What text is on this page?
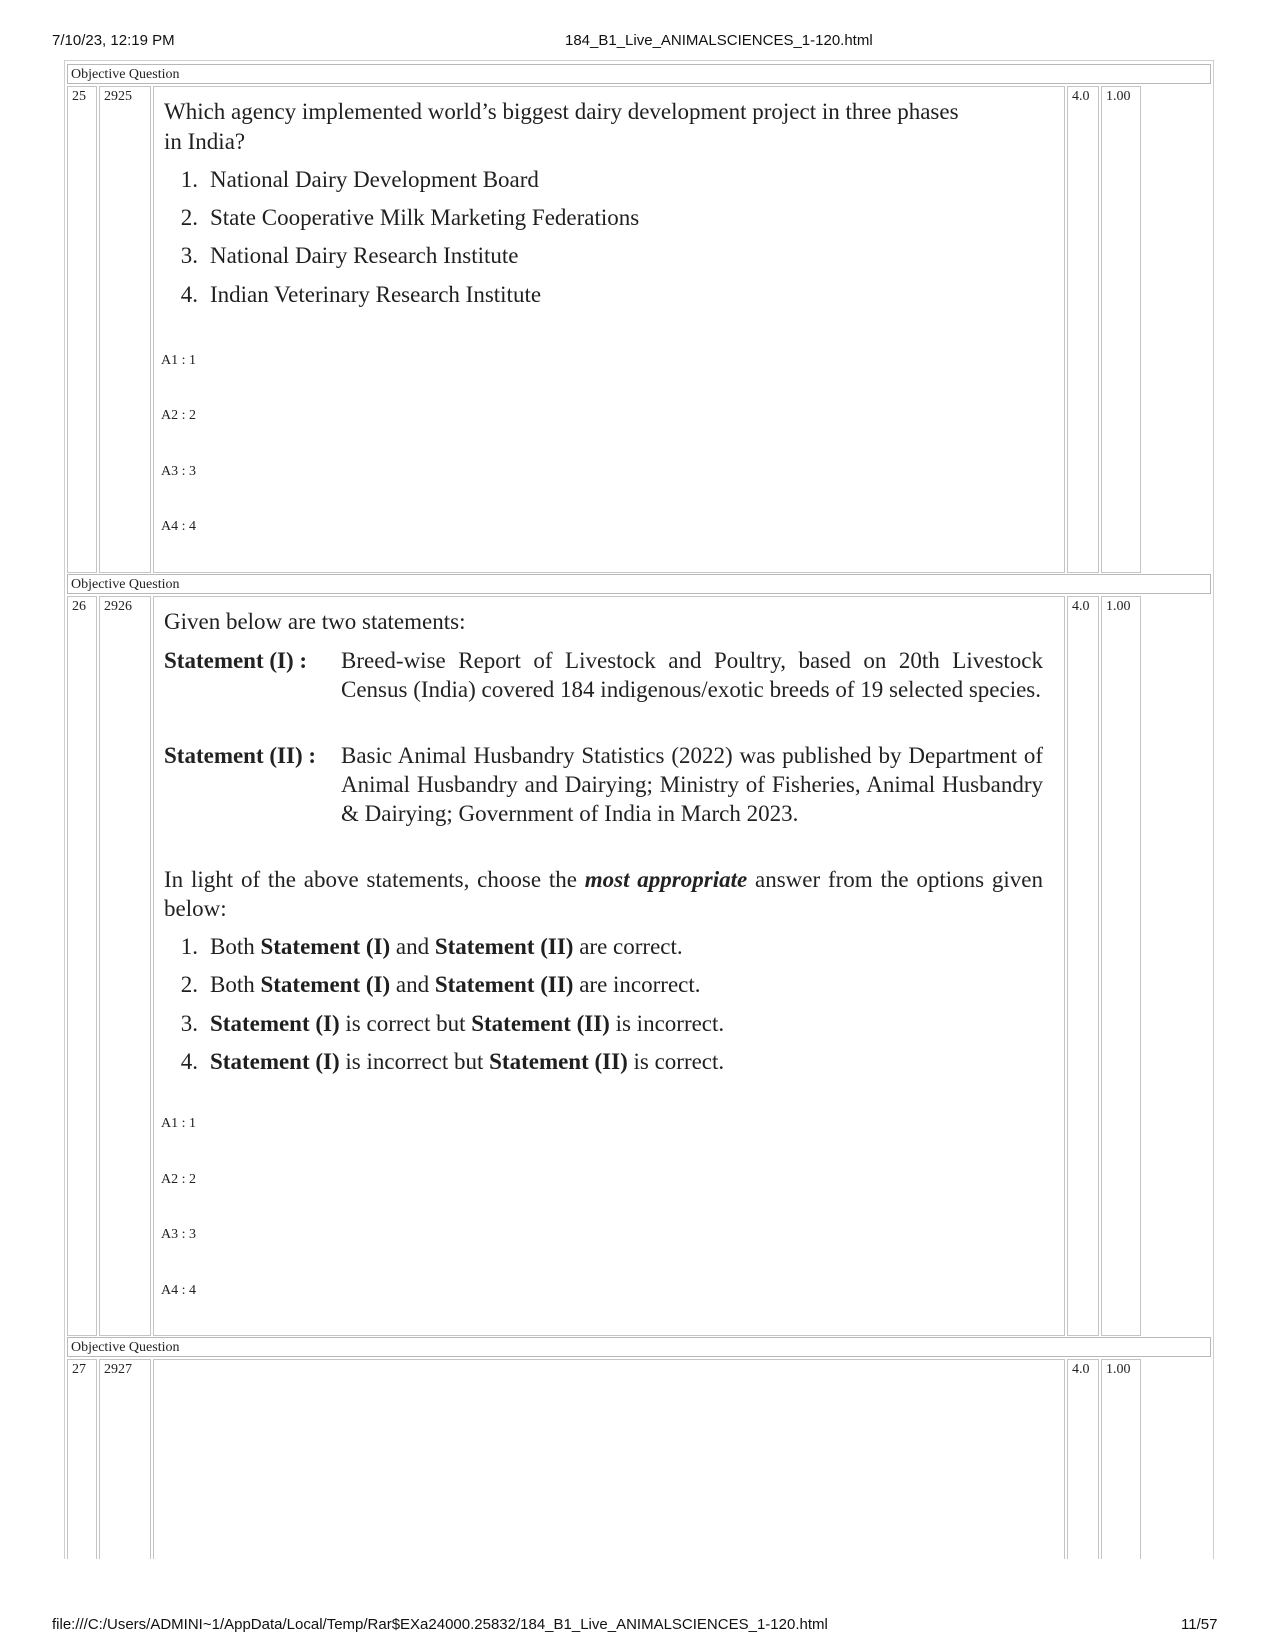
7/10/23, 12:19 PM	184_B1_Live_ANIMALSCIENCES_1-120.html
Objective Question
25 2925
Which agency implemented world’s biggest dairy development project in three phases
in India?
1. National Dairy Development Board
2. State Cooperative Milk Marketing Federations
3. National Dairy Research Institute
4. Indian Veterinary Research Institute
A1 : 1
A2 : 2
A3 : 3
A4 : 4
4.0 1.00
Objective Question
26 2926
Given below are two statements:
Statement (I) : Breed-wise Report of Livestock and Poultry, based on 20th Livestock Census (India) covered 184 indigenous/exotic breeds of 19 selected species.
Statement (II) : Basic Animal Husbandry Statistics (2022) was published by Department of Animal Husbandry and Dairying; Ministry of Fisheries, Animal Husbandry & Dairying; Government of India in March 2023.
In light of the above statements, choose the most appropriate answer from the options given below:
1. Both Statement (I) and Statement (II) are correct.
2. Both Statement (I) and Statement (II) are incorrect.
3. Statement (I) is correct but Statement (II) is incorrect.
4. Statement (I) is incorrect but Statement (II) is correct.
A1 : 1
A2 : 2
A3 : 3
A4 : 4
4.0 1.00
Objective Question
27 2927	4.0 1.00
file:///C:/Users/ADMINI~1/AppData/Local/Temp/Rar$EXa24000.25832/184_B1_Live_ANIMALSCIENCES_1-120.html	11/57
